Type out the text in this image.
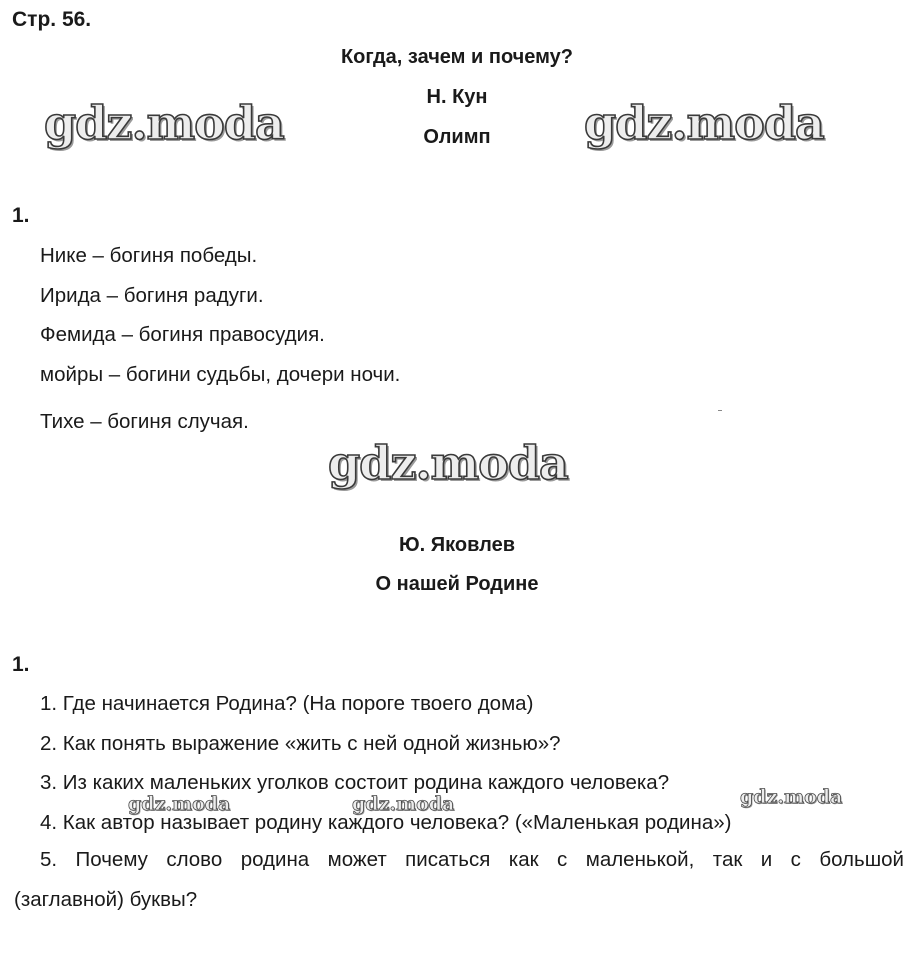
Стр. 56.
Когда, зачем и почему?
Н. Кун
Олимп
gdz.moda	gdz.moda
1.
Нике – богиня победы.
Ирида – богиня радуги.
Фемида – богиня правосудия.
мойры – богини судьбы, дочери ночи.
Тихе – богиня случая.
gdz.moda
Ю. Яковлев
О нашей Родине
1.
1. Где начинается Родина? (На пороге твоего дома)
2. Как понять выражение «жить с ней одной жизнью»?
3. Из каких маленьких уголков состоит родина каждого человека?
gdz.moda	gdz.moda	gdz.moda
4. Как автор называет родину каждого человека? («Маленькая родина»)
5. Почему слово родина может писаться как с маленькой, так и с большой
(заглавной) буквы?
